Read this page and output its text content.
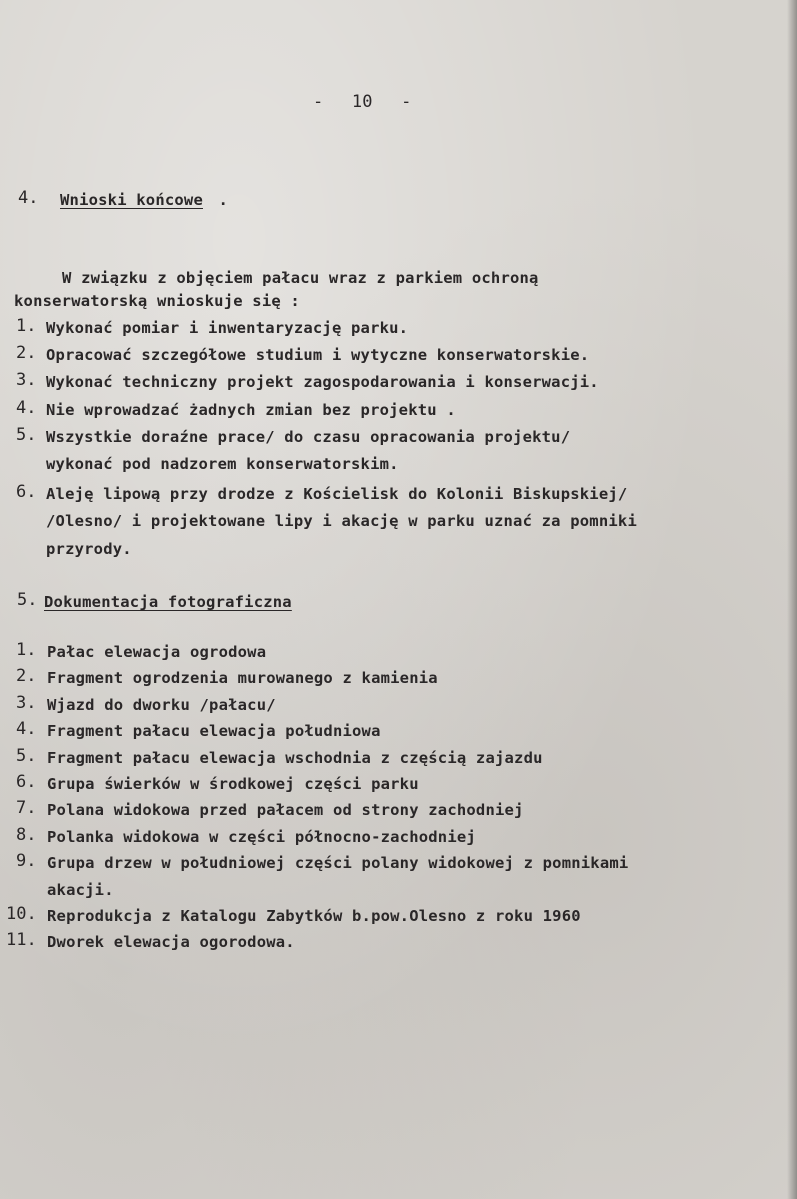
- 10 -
4. Wnioski końcowe .
W związku z objęciem pałacu wraz z parkiem ochroną
konserwatorską wnioskuje się :
1. Wykonać pomiar i inwentaryzację parku.
2. Opracować szczegółowe studium i wytyczne konserwatorskie.
3. Wykonać techniczny projekt zagospodarowania i konserwacji.
4. Nie wprowadzać żadnych zmian bez projektu .
5. Wszystkie doraźne prace/ do czasu opracowania projektu/
wykonać pod nadzorem konserwatorskim.
6. Aleję lipową przy drodze z Kościelisk do Kolonii Biskupskiej/
/Olesno/ i projektowane lipy i akację w parku uznać za pomniki
przyrody.
5. Dokumentacja fotograficzna
1. Pałac elewacja ogrodowa
2. Fragment ogrodzenia murowanego z kamienia
3. Wjazd do dworku /pałacu/
4. Fragment pałacu elewacja południowa
5. Fragment pałacu elewacja wschodnia z częścią zajazdu
6. Grupa świerków w środkowej części parku
7. Polana widokowa przed pałacem od strony zachodniej
8. Polanka widokowa w części północno-zachodniej
9. Grupa drzew w południowej części polany widokowej z pomnikami
akacji.
10. Reprodukcja z Katalogu Zabytków b.pow.Olesno z roku 1960
11. Dworek elewacja ogorodowa.
